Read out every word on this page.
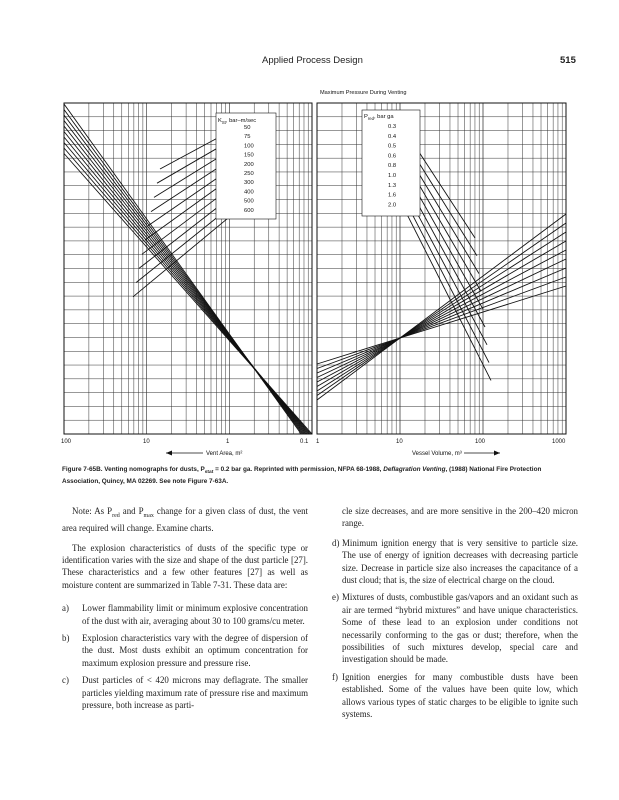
Applied Process Design	515
50
75
100
150
200
250
300
400
500
600
0.3
0.4
0.5
0.6
0.8
1.0
1.3
1.6
2.0
Maximum Pressure During Venting
$K_{St}$, bar–m/sec
$P_{red}$, bar ga
100	10	1	0.1 1	10	100	1000
Vent Area, m²	Vessel Volume, m³
Figure 7-65B. Venting nomographs for dusts, $P_{stat} = 0.2$ bar ga. Reprinted with permission, NFPA 68-1988, Deflagration Venting, (1988) National Fire Protection Association, Quincy, MA 02269. See note Figure 7-63A.

Note: As $P_{red}$ and $P_{max}$ change for a given class of dust, the vent area required will change. Examine charts.

The explosion characteristics of dusts of the specific type or identification varies with the size and shape of the dust particle [27]. These characteristics and a few other features [27] as well as moisture content are summarized in Table 7-31. These data are:

a) Lower flammability limit or minimum explosive concentration of the dust with air, averaging about 30 to 100 grams/cu meter.
b) Explosion characteristics vary with the degree of dispersion of the dust. Most dusts exhibit an optimum concentration for maximum explosion pressure and pressure rise.
c) Dust particles of < 420 microns may deflagrate. The smaller particles yielding maximum rate of pressure rise and maximum pressure, both increase as parti-

cle size decreases, and are more sensitive in the 200–420 micron range.

d) Minimum ignition energy that is very sensitive to particle size. The use of energy of ignition decreases with decreasing particle size. Decrease in particle size also increases the capacitance of a dust cloud; that is, the size of electrical charge on the cloud.
e) Mixtures of dusts, combustible gas/vapors and an oxidant such as air are termed “hybrid mixtures” and have unique characteristics. Some of these lead to an explosion under conditions not necessarily conforming to the gas or dust; therefore, when the possibilities of such mixtures develop, special care and investigation should be made.
f) Ignition energies for many combustible dusts have been established. Some of the values have been quite low, which allows various types of static charges to be eligible to ignite such systems.
